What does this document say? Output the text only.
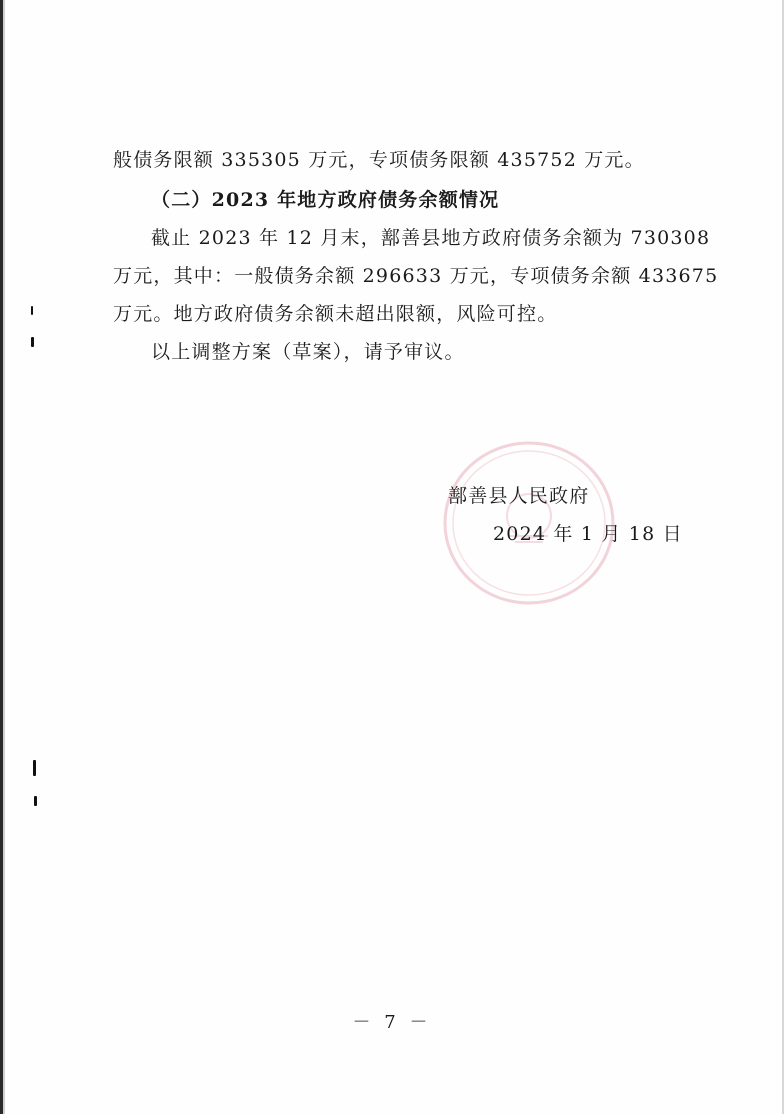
般债务限额 335305 万元，专项债务限额 435752 万元。
（二）2023 年地方政府债务余额情况
截止 2023 年 12 月末，鄯善县地方政府债务余额为 730308
万元，其中：一般债务余额 296633 万元，专项债务余额 433675
万元。地方政府债务余额未超出限额，风险可控。
以上调整方案（草案），请予审议。
鄯善县人民政府
2024 年 1 月 18 日
－ 7 －
